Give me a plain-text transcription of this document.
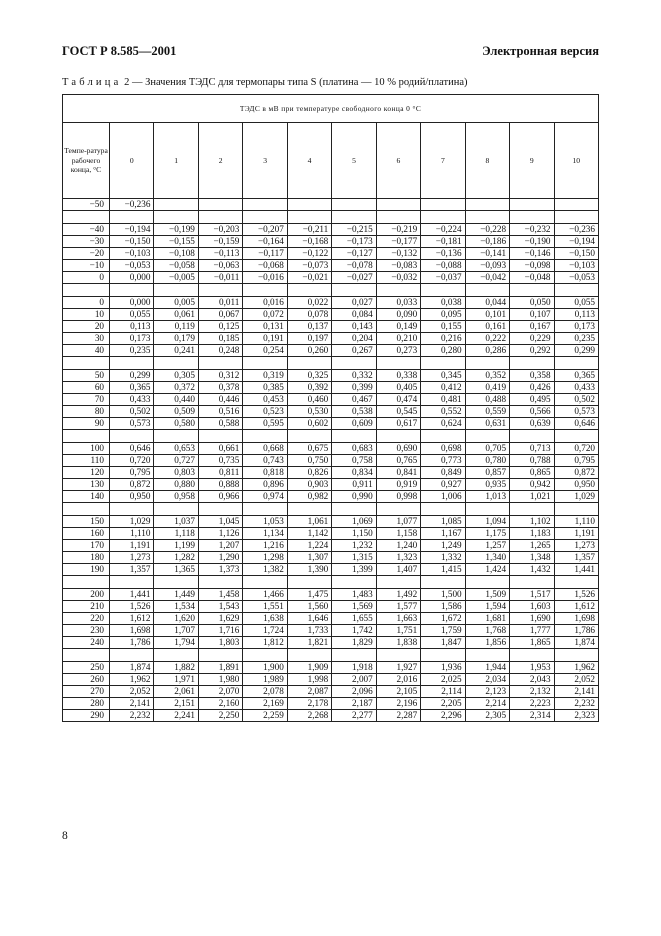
ГОСТ Р 8.585—2001	Электронная версия
Таблица 2 — Значения ТЭДС для термопары типа S (платина — 10 % родий/платина)
ТЭДС в мВ при температуре свободного конца 0 °С											
Темпе-ратура рабочего конца, °С	0	1	2	3	4	5	6	7	8	9	10
−50	−0,236										

−40	−0,194	−0,199	−0,203	−0,207	−0,211	−0,215	−0,219	−0,224	−0,228	−0,232	−0,236
−30	−0,150	−0,155	−0,159	−0,164	−0,168	−0,173	−0,177	−0,181	−0,186	−0,190	−0,194
−20	−0,103	−0,108	−0,113	−0,117	−0,122	−0,127	−0,132	−0,136	−0,141	−0,146	−0,150
−10	−0,053	−0,058	−0,063	−0,068	−0,073	−0,078	−0,083	−0,088	−0,093	−0,098	−0,103
0	0,000	−0,005	−0,011	−0,016	−0,021	−0,027	−0,032	−0,037	−0,042	−0,048	−0,053

0	0,000	0,005	0,011	0,016	0,022	0,027	0,033	0,038	0,044	0,050	0,055
10	0,055	0,061	0,067	0,072	0,078	0,084	0,090	0,095	0,101	0,107	0,113
20	0,113	0,119	0,125	0,131	0,137	0,143	0,149	0,155	0,161	0,167	0,173
30	0,173	0,179	0,185	0,191	0,197	0,204	0,210	0,216	0,222	0,229	0,235
40	0,235	0,241	0,248	0,254	0,260	0,267	0,273	0,280	0,286	0,292	0,299

50	0,299	0,305	0,312	0,319	0,325	0,332	0,338	0,345	0,352	0,358	0,365
60	0,365	0,372	0,378	0,385	0,392	0,399	0,405	0,412	0,419	0,426	0,433
70	0,433	0,440	0,446	0,453	0,460	0,467	0,474	0,481	0,488	0,495	0,502
80	0,502	0,509	0,516	0,523	0,530	0,538	0,545	0,552	0,559	0,566	0,573
90	0,573	0,580	0,588	0,595	0,602	0,609	0,617	0,624	0,631	0,639	0,646

100	0,646	0,653	0,661	0,668	0,675	0,683	0,690	0,698	0,705	0,713	0,720
110	0,720	0,727	0,735	0,743	0,750	0,758	0,765	0,773	0,780	0,788	0,795
120	0,795	0,803	0,811	0,818	0,826	0,834	0,841	0,849	0,857	0,865	0,872
130	0,872	0,880	0,888	0,896	0,903	0,911	0,919	0,927	0,935	0,942	0,950
140	0,950	0,958	0,966	0,974	0,982	0,990	0,998	1,006	1,013	1,021	1,029

150	1,029	1,037	1,045	1,053	1,061	1,069	1,077	1,085	1,094	1,102	1,110
160	1,110	1,118	1,126	1,134	1,142	1,150	1,158	1,167	1,175	1,183	1,191
170	1,191	1,199	1,207	1,216	1,224	1,232	1,240	1,249	1,257	1,265	1,273
180	1,273	1,282	1,290	1,298	1,307	1,315	1,323	1,332	1,340	1,348	1,357
190	1,357	1,365	1,373	1,382	1,390	1,399	1,407	1,415	1,424	1,432	1,441

200	1,441	1,449	1,458	1,466	1,475	1,483	1,492	1,500	1,509	1,517	1,526
210	1,526	1,534	1,543	1,551	1,560	1,569	1,577	1,586	1,594	1,603	1,612
220	1,612	1,620	1,629	1,638	1,646	1,655	1,663	1,672	1,681	1,690	1,698
230	1,698	1,707	1,716	1,724	1,733	1,742	1,751	1,759	1,768	1,777	1,786
240	1,786	1,794	1,803	1,812	1,821	1,829	1,838	1,847	1,856	1,865	1,874

250	1,874	1,882	1,891	1,900	1,909	1,918	1,927	1,936	1,944	1,953	1,962
260	1,962	1,971	1,980	1,989	1,998	2,007	2,016	2,025	2,034	2,043	2,052
270	2,052	2,061	2,070	2,078	2,087	2,096	2,105	2,114	2,123	2,132	2,141
280	2,141	2,151	2,160	2,169	2,178	2,187	2,196	2,205	2,214	2,223	2,232
290	2,232	2,241	2,250	2,259	2,268	2,277	2,287	2,296	2,305	2,314	2,323
8
